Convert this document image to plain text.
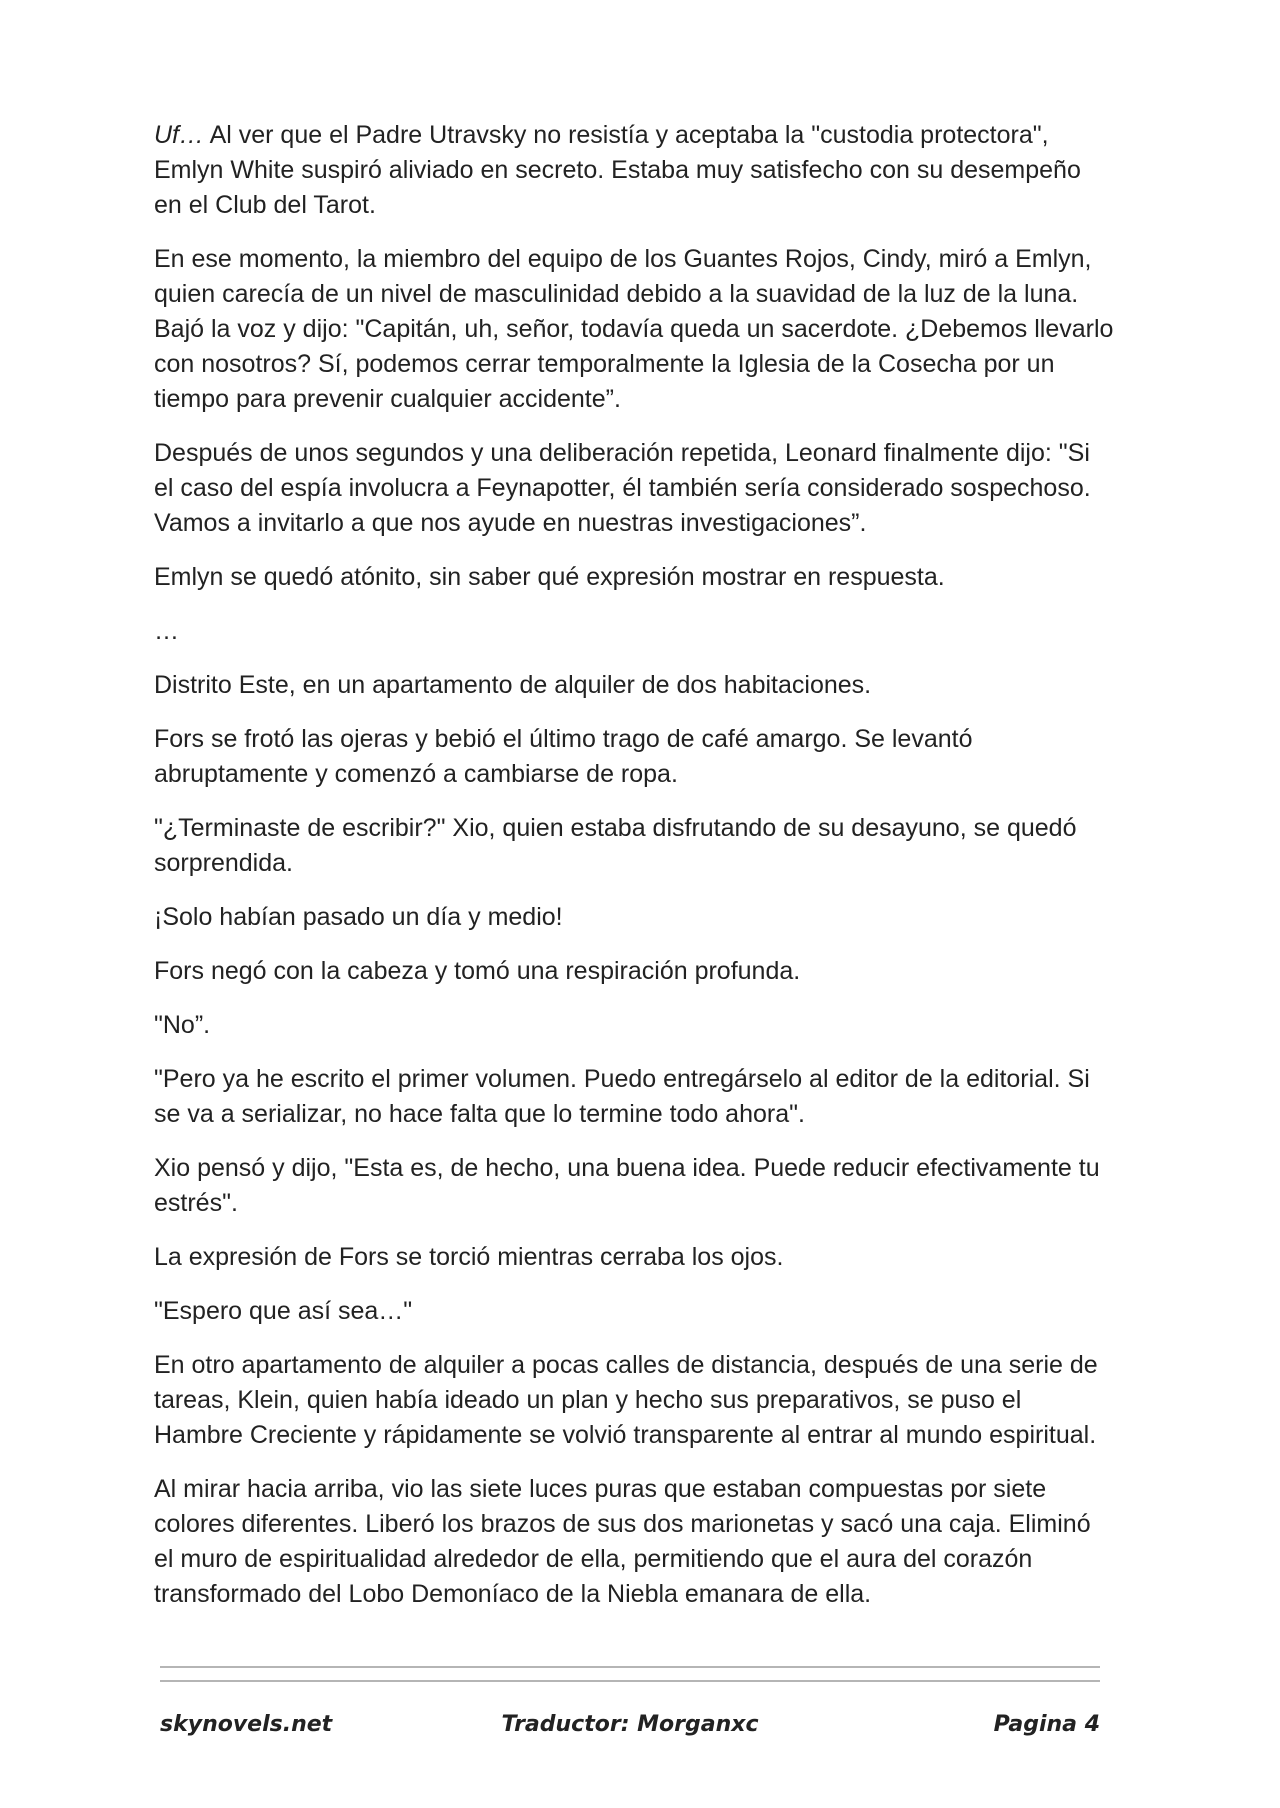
Uf… Al ver que el Padre Utravsky no resistía y aceptaba la "custodia protectora", Emlyn White suspiró aliviado en secreto. Estaba muy satisfecho con su desempeño en el Club del Tarot.

En ese momento, la miembro del equipo de los Guantes Rojos, Cindy, miró a Emlyn, quien carecía de un nivel de masculinidad debido a la suavidad de la luz de la luna. Bajó la voz y dijo: "Capitán, uh, señor, todavía queda un sacerdote. ¿Debemos llevarlo con nosotros? Sí, podemos cerrar temporalmente la Iglesia de la Cosecha por un tiempo para prevenir cualquier accidente”.

Después de unos segundos y una deliberación repetida, Leonard finalmente dijo: "Si el caso del espía involucra a Feynapotter, él también sería considerado sospechoso. Vamos a invitarlo a que nos ayude en nuestras investigaciones”.

Emlyn se quedó atónito, sin saber qué expresión mostrar en respuesta.

…

Distrito Este, en un apartamento de alquiler de dos habitaciones.

Fors se frotó las ojeras y bebió el último trago de café amargo. Se levantó abruptamente y comenzó a cambiarse de ropa.

"¿Terminaste de escribir?" Xio, quien estaba disfrutando de su desayuno, se quedó sorprendida.

¡Solo habían pasado un día y medio!

Fors negó con la cabeza y tomó una respiración profunda.

"No”.

"Pero ya he escrito el primer volumen. Puedo entregárselo al editor de la editorial. Si se va a serializar, no hace falta que lo termine todo ahora".

Xio pensó y dijo, "Esta es, de hecho, una buena idea. Puede reducir efectivamente tu estrés".

La expresión de Fors se torció mientras cerraba los ojos.

"Espero que así sea…"

En otro apartamento de alquiler a pocas calles de distancia, después de una serie de tareas, Klein, quien había ideado un plan y hecho sus preparativos, se puso el Hambre Creciente y rápidamente se volvió transparente al entrar al mundo espiritual.

Al mirar hacia arriba, vio las siete luces puras que estaban compuestas por siete colores diferentes. Liberó los brazos de sus dos marionetas y sacó una caja. Eliminó el muro de espiritualidad alrededor de ella, permitiendo que el aura del corazón transformado del Lobo Demoníaco de la Niebla emanara de ella.

skynovels.net	Traductor: Morganxc	Pagina 4
